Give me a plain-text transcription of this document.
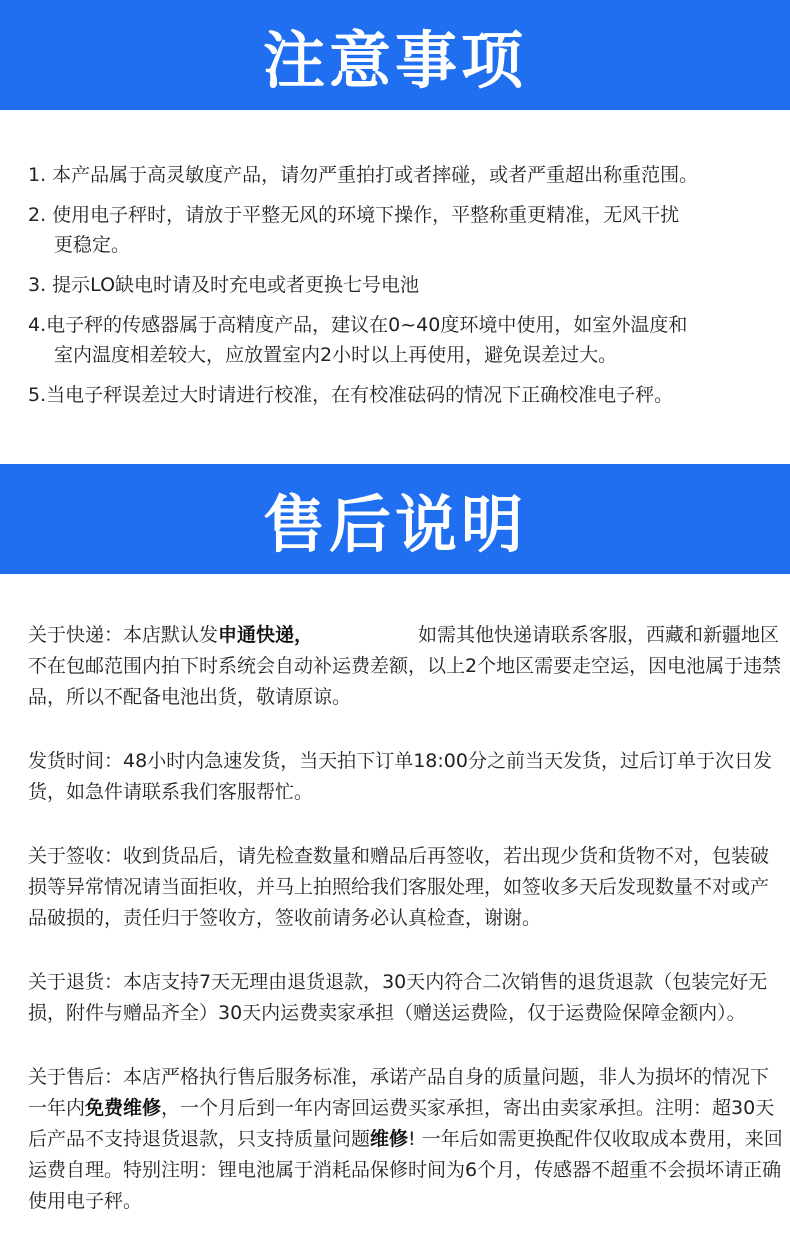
注意事项
1. 本产品属于高灵敏度产品，请勿严重拍打或者摔碰，或者严重超出称重范围。
2. 使用电子秤时，请放于平整无风的环境下操作，平整称重更精准，无风干扰
更稳定。
3. 提示LO缺电时请及时充电或者更换七号电池
4.电子秤的传感器属于高精度产品，建议在0~40度环境中使用，如室外温度和
室内温度相差较大，应放置室内2小时以上再使用，避免误差过大。
5.当电子秤误差过大时请进行校准，在有校准砝码的情况下正确校准电子秤。
售后说明

关于快递：本店默认发申通快递，	如需其他快递请联系客服，西藏和新疆地区不在包邮范围内拍下时系统会自动补运费差额，以上2个地区需要走空运，因电池属于违禁品，所以不配备电池出货，敬请原谅。

发货时间：48小时内急速发货，当天拍下订单18:00分之前当天发货，过后订单于次日发货，如急件请联系我们客服帮忙。

关于签收：收到货品后，请先检查数量和赠品后再签收，若出现少货和货物不对，包装破损等异常情况请当面拒收，并马上拍照给我们客服处理，如签收多天后发现数量不对或产品破损的，责任归于签收方，签收前请务必认真检查，谢谢。

关于退货：本店支持7天无理由退货退款，30天内符合二次销售的退货退款（包装完好无损，附件与赠品齐全）30天内运费卖家承担（赠送运费险，仅于运费险保障金额内）。

关于售后：本店严格执行售后服务标准，承诺产品自身的质量问题，非人为损坏的情况下一年内免费维修，一个月后到一年内寄回运费买家承担，寄出由卖家承担。注明：超30天后产品不支持退货退款，只支持质量问题维修! 一年后如需更换配件仅收取成本费用，来回运费自理。特别注明：锂电池属于消耗品保修时间为6个月，传感器不超重不会损坏请正确使用电子秤。
